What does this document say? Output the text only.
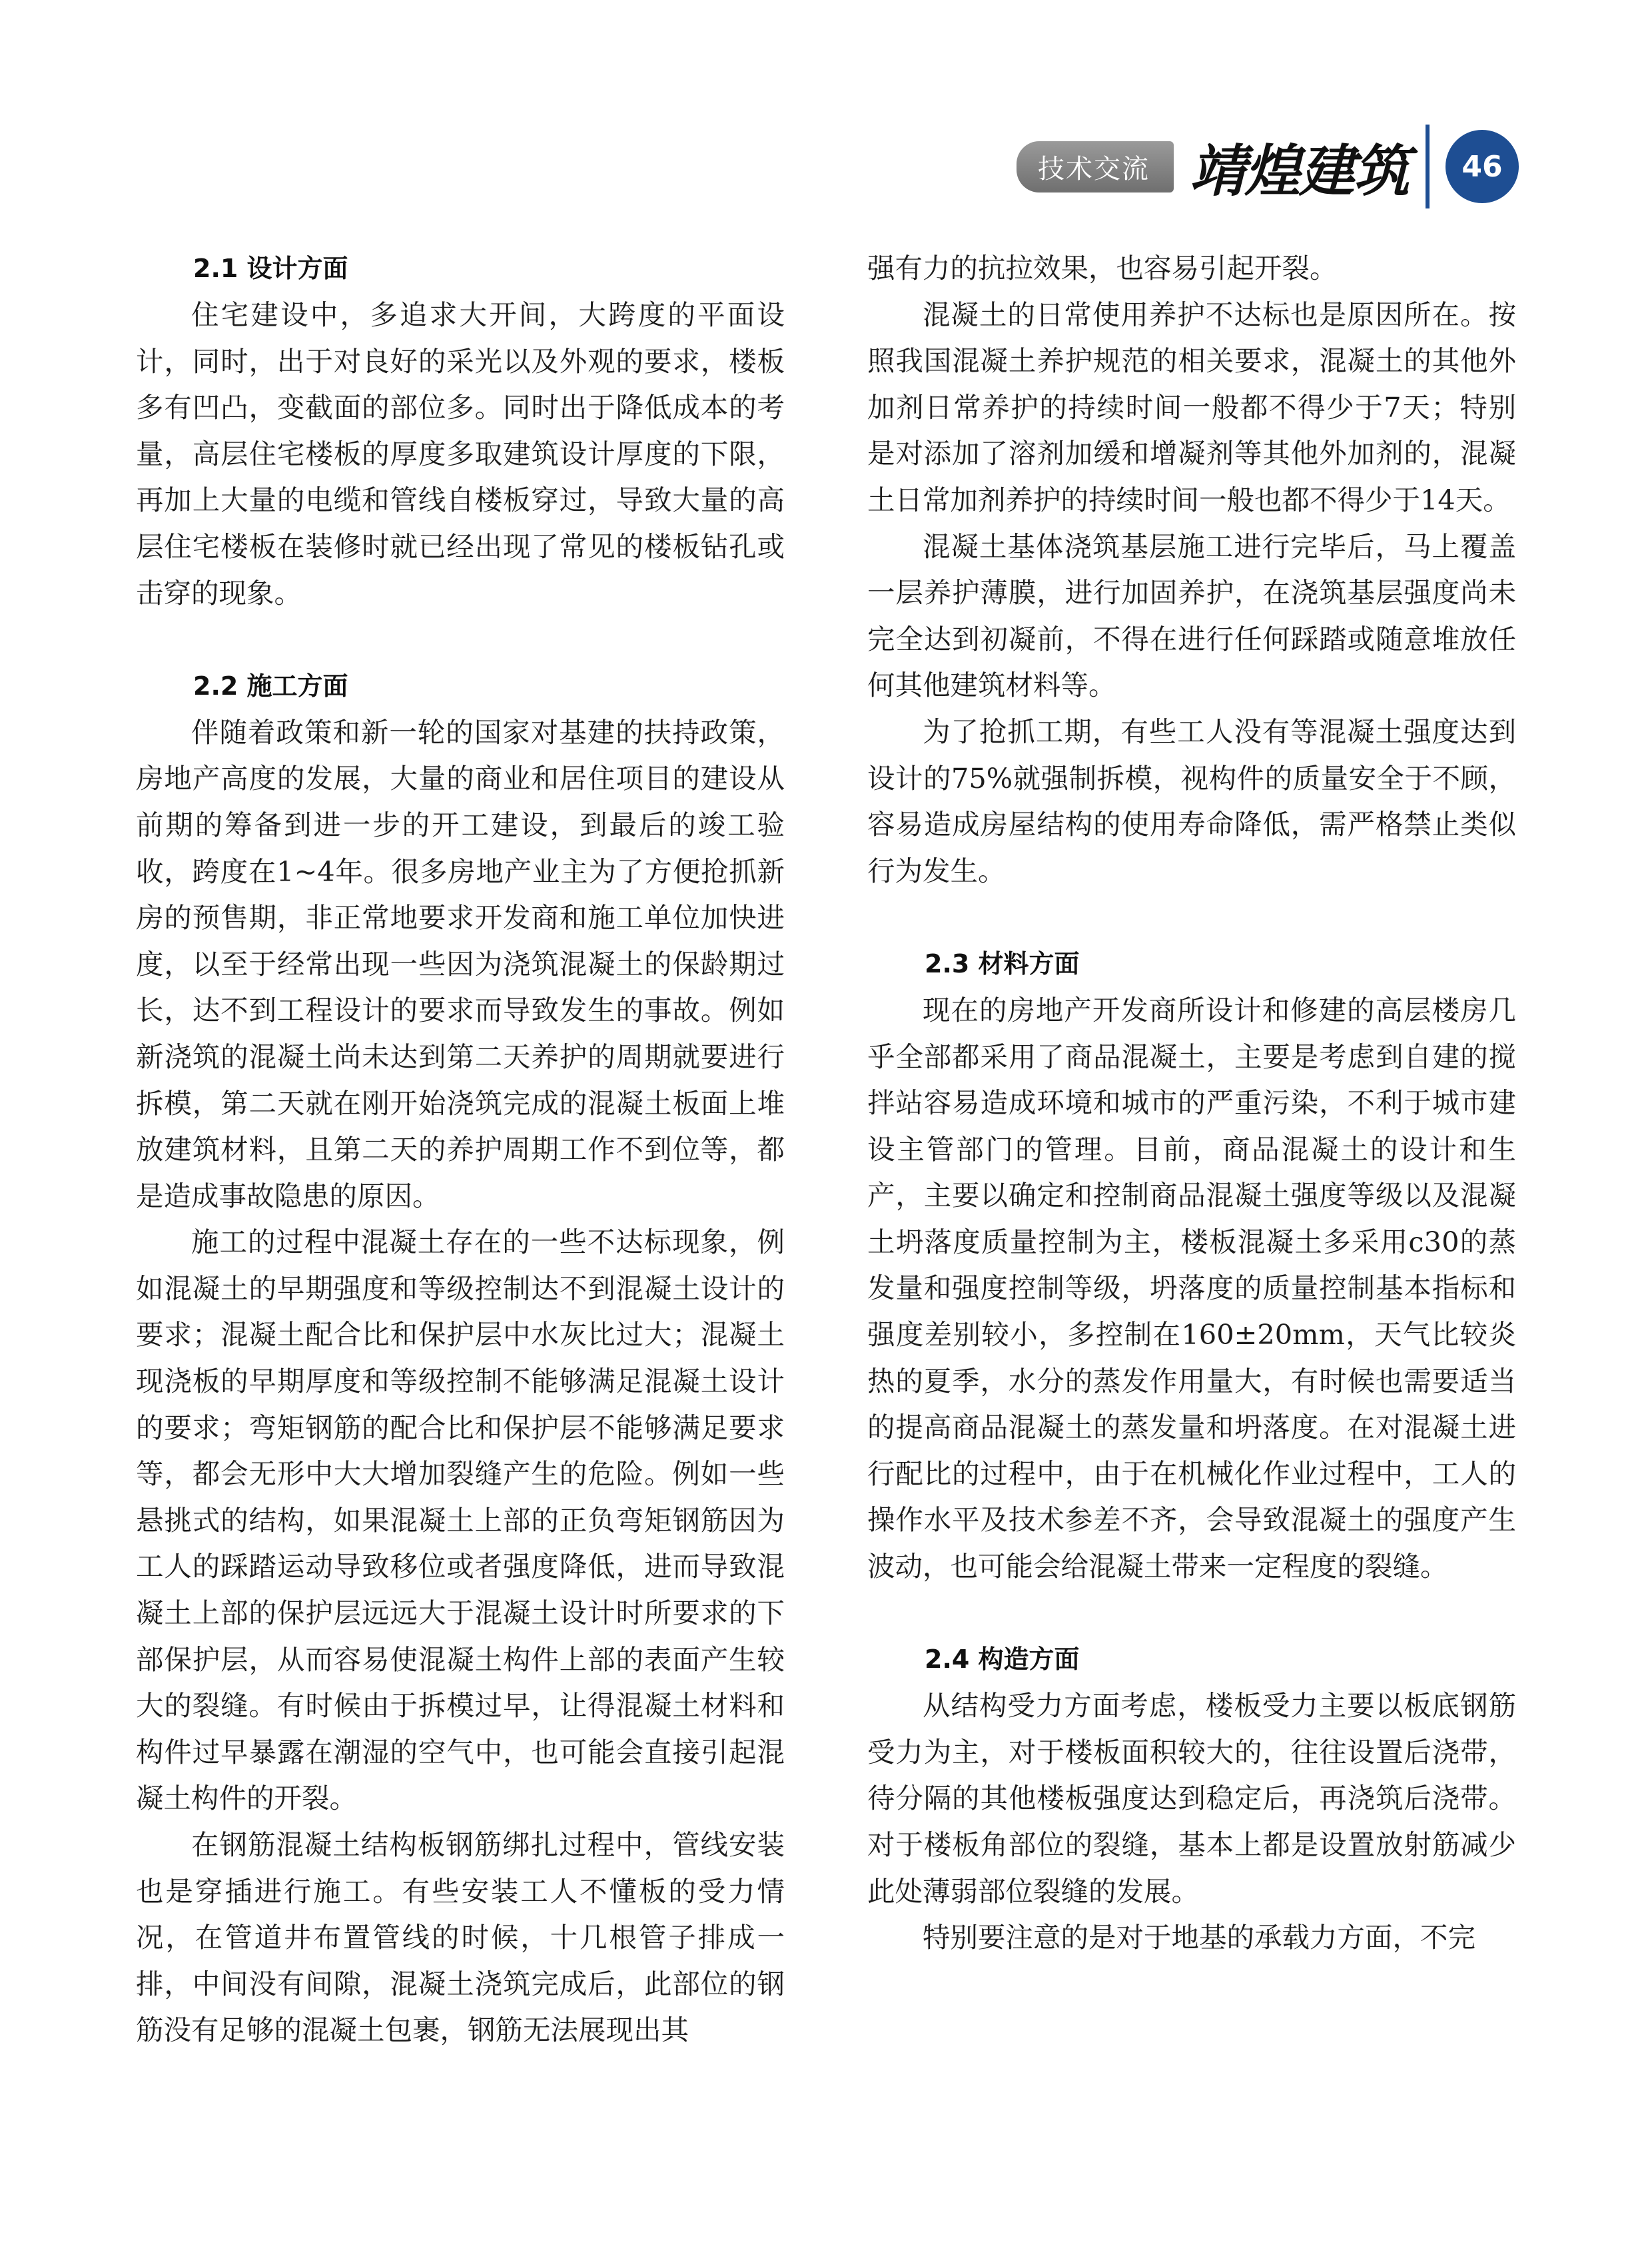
技术交流 靖煌建筑	46
2.1 设计方面

住宅建设中，多追求大开间，大跨度的平面设计，同时，出于对良好的采光以及外观的要求，楼板多有凹凸，变截面的部位多。同时出于降低成本的考量，高层住宅楼板的厚度多取建筑设计厚度的下限，再加上大量的电缆和管线自楼板穿过，导致大量的高层住宅楼板在装修时就已经出现了常见的楼板钻孔或击穿的现象。

2.2 施工方面

伴随着政策和新一轮的国家对基建的扶持政策，房地产高度的发展，大量的商业和居住项目的建设从前期的筹备到进一步的开工建设，到最后的竣工验收，跨度在1~4年。很多房地产业主为了方便抢抓新房的预售期，非正常地要求开发商和施工单位加快进度，以至于经常出现一些因为浇筑混凝土的保龄期过长，达不到工程设计的要求而导致发生的事故。例如新浇筑的混凝土尚未达到第二天养护的周期就要进行拆模，第二天就在刚开始浇筑完成的混凝土板面上堆放建筑材料，且第二天的养护周期工作不到位等，都是造成事故隐患的原因。

施工的过程中混凝土存在的一些不达标现象，例如混凝土的早期强度和等级控制达不到混凝土设计的要求；混凝土配合比和保护层中水灰比过大；混凝土现浇板的早期厚度和等级控制不能够满足混凝土设计的要求；弯矩钢筋的配合比和保护层不能够满足要求等，都会无形中大大增加裂缝产生的危险。例如一些悬挑式的结构，如果混凝土上部的正负弯矩钢筋因为工人的踩踏运动导致移位或者强度降低，进而导致混凝土上部的保护层远远大于混凝土设计时所要求的下部保护层，从而容易使混凝土构件上部的表面产生较大的裂缝。有时候由于拆模过早，让得混凝土材料和构件过早暴露在潮湿的空气中，也可能会直接引起混凝土构件的开裂。

在钢筋混凝土结构板钢筋绑扎过程中，管线安装也是穿插进行施工。有些安装工人不懂板的受力情况，在管道井布置管线的时候，十几根管子排成一排，中间没有间隙，混凝土浇筑完成后，此部位的钢筋没有足够的混凝土包裹，钢筋无法展现出其

强有力的抗拉效果，也容易引起开裂。

混凝土的日常使用养护不达标也是原因所在。按照我国混凝土养护规范的相关要求，混凝土的其他外加剂日常养护的持续时间一般都不得少于7天；特别是对添加了溶剂加缓和增凝剂等其他外加剂的，混凝土日常加剂养护的持续时间一般也都不得少于14天。

混凝土基体浇筑基层施工进行完毕后，马上覆盖一层养护薄膜，进行加固养护，在浇筑基层强度尚未完全达到初凝前，不得在进行任何踩踏或随意堆放任何其他建筑材料等。

为了抢抓工期，有些工人没有等混凝土强度达到设计的75%就强制拆模，视构件的质量安全于不顾，容易造成房屋结构的使用寿命降低，需严格禁止类似行为发生。

2.3 材料方面

现在的房地产开发商所设计和修建的高层楼房几乎全部都采用了商品混凝土，主要是考虑到自建的搅拌站容易造成环境和城市的严重污染，不利于城市建设主管部门的管理。目前，商品混凝土的设计和生产，主要以确定和控制商品混凝土强度等级以及混凝土坍落度质量控制为主，楼板混凝土多采用c30的蒸发量和强度控制等级，坍落度的质量控制基本指标和强度差别较小，多控制在160±20mm，天气比较炎热的夏季，水分的蒸发作用量大，有时候也需要适当的提高商品混凝土的蒸发量和坍落度。在对混凝土进行配比的过程中，由于在机械化作业过程中，工人的操作水平及技术参差不齐，会导致混凝土的强度产生波动，也可能会给混凝土带来一定程度的裂缝。

2.4 构造方面

从结构受力方面考虑，楼板受力主要以板底钢筋受力为主，对于楼板面积较大的，往往设置后浇带，待分隔的其他楼板强度达到稳定后，再浇筑后浇带。对于楼板角部位的裂缝，基本上都是设置放射筋减少此处薄弱部位裂缝的发展。

特别要注意的是对于地基的承载力方面，不完
